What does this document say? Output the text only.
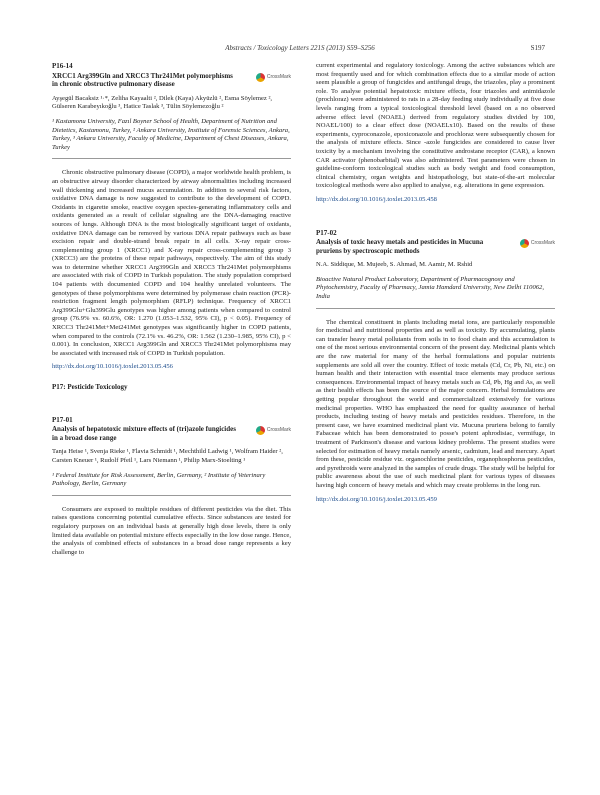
Abstracts / Toxicology Letters 221S (2013) S59–S256	S197
P16-14

XRCC1 Arg399Gln and XRCC3 Thr241Met polymorphisms in chronic obstructive pulmonary disease

CrossMark

Ayşegül Bacaksiz ¹·*, Zeliha Kayaalti ², Dilek (Kaya) Akyüzlü ², Esma Söylemez ², Gülseren Karabeyıkoğlu ³, Hatice Taslak ³, Tülin Söylemezoğlu ²

¹ Kastamonu University, Fazıl Boyner School of Health, Department of Nutrition and Dietetics, Kastamonu, Turkey, ² Ankara University, Institute of Forensic Sciences, Ankara, Turkey, ³ Ankara University, Faculty of Medicine, Department of Chest Diseases, Ankara, Turkey

Chronic obstructive pulmonary disease (COPD), a major worldwide health problem, is an obstructive airway disorder characterized by airway abnormalities including increased wall thickening and increased mucus accumulation. In addition to several risk factors, oxidative DNA damage is now suggested to contribute to the development of COPD. Oxidants in cigarette smoke, reactive oxygen species-generating inflammatory cells and oxidants generated as a result of cellular signaling are the DNA-damaging reactive sources of lungs. Although DNA is the most biologically significant target of oxidants, oxidative DNA damage can be removed by various DNA repair pathways such as base excision repair and double-strand break repair in all cells. X-ray repair cross-complementing group 1 (XRCC1) and X-ray repair cross-complementing group 3 (XRCC3) are the proteins of these repair pathways, respectively. The aim of this study was to determine whether XRCC1 Arg399Gln and XRCC3 Thr241Met polymorphisms are associated with risk of COPD in Turkish population. The study population comprised 104 patients with documented COPD and 104 healthy unrelated volunteers. The genotypes of these polymorphisms were determined by polymerase chain reaction (PCR)-restriction fragment length polymorphism (RFLP) technique. Frequency of XRCC1 Arg399Glu+Glu399Glu genotypes was higher among patients when compared to control group (76.9% vs. 60.6%, OR: 1.270 (1.053–1.532, 95% CI), p < 0.05). Frequency of XRCC3 Thr241Met+Met241Met genotypes was significantly higher in COPD patients, when compared to the controls (72.1% vs. 46.2%, OR: 1.562 (1.230–1.985, 95% CI), p < 0.001). In conclusion, XRCC1 Arg399Gln and XRCC3 Thr241Met polymorphisms may be associated with increased risk of COPD in Turkish population.

http://dx.doi.org/10.1016/j.toxlet.2013.05.456
P17: Pesticide Toxicology
P17-01

Analysis of hepatotoxic mixture effects of (tri)azole fungicides in a broad dose range

CrossMark

Tanja Heise ¹, Svenja Rieke ¹, Flavia Schmidt ¹, Mechthild Ladwig ¹, Wolfram Haider ², Carsten Kneuer ¹, Rudolf Pfeil ¹, Lars Niemann ¹, Philip Marx-Stoelting ¹

¹ Federal Institute for Risk Assessment, Berlin, Germany, ² Institute of Veterinary Pathology, Berlin, Germany

Consumers are exposed to multiple residues of different pesticides via the diet. This raises questions concerning potential cumulative effects. Since substances are tested for regulatory purposes on an individual basis at generally high dose levels, there is only limited data available on potential mixture effects especially in the low dose range. Hence, the analysis of combined effects of substances in a broad dose range represents a key challenge to

current experimental and regulatory toxicology. Among the active substances which are most frequently used and for which combination effects due to a similar mode of action seem plausible a group of fungicides and antifungal drugs, the triazoles, play a prominent role. To analyse potential hepatotoxic mixture effects, four triazoles and animidazole (prochloraz) were administered to rats in a 28-day feeding study individually at five dose levels ranging from a typical toxicological threshold level (based on a no observed adverse effect level (NOAEL) derived from regulatory studies divided by 100, NOAEL/100) to a clear effect dose (NOAELx10). Based on the results of these experiments, cyproconazole, epoxiconazole and prochloraz were subsequently chosen for the analysis of mixture effects. Since -azole fungicides are considered to cause liver toxicity by a mechanism involving the constitutive androstane receptor (CAR), a known CAR activator (phenobarbital) was also administered. Test parameters were chosen in guideline-conform toxicological studies such as body weight and food consumption, clinical chemistry, organ weights and histopathology, but state-of-the-art molecular toxicological methods were also applied to analyse, e.g. alterations in gene expression.

http://dx.doi.org/10.1016/j.toxlet.2013.05.458
P17-02

Analysis of toxic heavy metals and pesticides in Mucuna pruriens by spectroscopic methods

CrossMark

N.A. Siddique, M. Mujeeb, S. Ahmad, M. Aamir, M. Rshid

Bioactive Natural Product Laboratory, Department of Pharmacognosy and Phytochemistry, Faculty of Pharmacy, Jamia Hamdard University, New Delhi 110062, India

The chemical constituent in plants including metal ions, are particularly responsible for medicinal and nutritional properties and as well as toxicity. By accumulating, plants can transfer heavy metal pollutants from soils in to food chain and this accumulation is one of the most serious environmental concern of the present day. Medicinal plants which are the raw material for many of the herbal formulations and popular nutrients supplements are sold all over the country. Effect of toxic metals (Cd, Cr, Pb, Ni, etc.) on human health and their interaction with essential trace elements may produce serious consequences. Environmental impact of heavy metals such as Cd, Pb, Hg and As, as well as their health effects has been the source of the major concern. Herbal formulations are getting popular throughout the world and commercialized extensively for various medicinal properties. WHO has emphasized the need for quality assurance of herbal products, including testing of heavy metals and pesticides residues. Therefore, in the present case, we have examined medicinal plant viz. Mucuna pruriens belong to family Fabaceae which has been demonstrated to posse's potent aphrodisiac, vermifuge, in treatment of Parkinson's disease and various kidney problems. The present studies were selected for estimation of heavy metals namely arsenic, cadmium, lead and mercury. Apart from these, pesticide residue viz. organochlorine pesticides, organophosphorus pesticides, and pyrethroids were analyzed in the samples of crude drugs. The study will be helpful for public awareness about the use of such medicinal plant for various types of diseases having high concern of heavy metals and which may create problems in the long run.

http://dx.doi.org/10.1016/j.toxlet.2013.05.459
